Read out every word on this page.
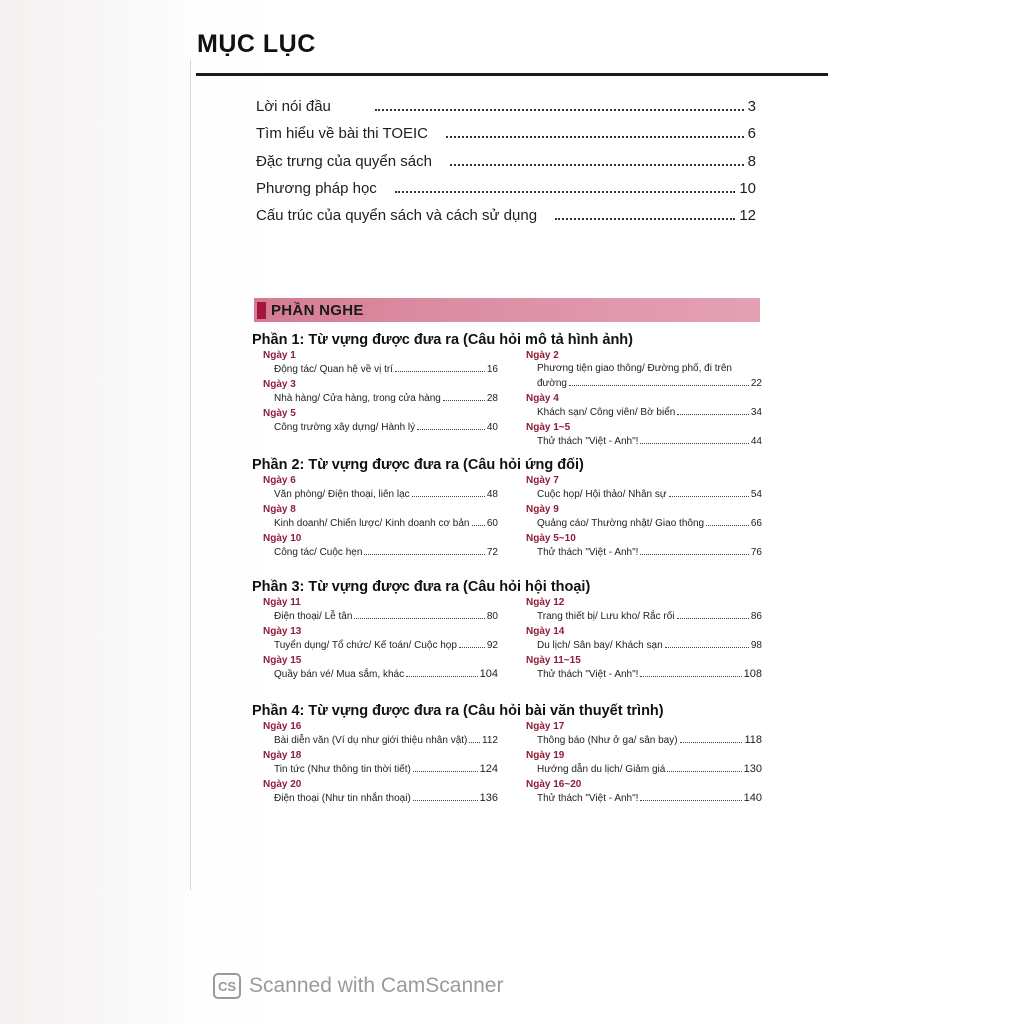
MỤC LỤC
Lời nói đầu	3
Tìm hiểu về bài thi TOEIC	6
Đặc trưng của quyển sách	8
Phương pháp học	10
Cấu trúc của quyển sách và cách sử dụng	12
PHẦN NGHE
Phần 1: Từ vựng được đưa ra (Câu hỏi mô tả hình ảnh)
Ngày 1
Động tác/ Quan hệ về vị trí	16
Ngày 3
Nhà hàng/ Cửa hàng, trong cửa hàng	28
Ngày 5
Công trường xây dựng/ Hành lý	40
Ngày 2
Phương tiện giao thông/ Đường phố, đi trên
đường	22
Ngày 4
Khách sạn/ Công viên/ Bờ biển	34
Ngày 1~5
Thử thách "Việt - Anh"!	44
Phần 2: Từ vựng được đưa ra (Câu hỏi ứng đối)
Ngày 6
Văn phòng/ Điện thoại, liên lạc	48
Ngày 8
Kinh doanh/ Chiến lược/ Kinh doanh cơ bản 60
Ngày 10
Công tác/ Cuộc hẹn	72
Ngày 7
Cuộc họp/ Hội thảo/ Nhân sự	54
Ngày 9
Quảng cáo/ Thường nhật/ Giao thông	66
Ngày 5~10
Thử thách "Việt - Anh"!	76
Phần 3: Từ vựng được đưa ra (Câu hỏi hội thoại)
Ngày 11
Điện thoại/ Lễ tân	80
Ngày 13
Tuyển dụng/ Tổ chức/ Kế toán/ Cuộc họp	92
Ngày 15
Quầy bán vé/ Mua sắm, khác	104
Ngày 12
Trang thiết bị/ Lưu kho/ Rắc rối	86
Ngày 14
Du lịch/ Sân bay/ Khách sạn	98
Ngày 11~15
Thử thách "Việt - Anh"!	108
Phần 4: Từ vựng được đưa ra (Câu hỏi bài văn thuyết trình)
Ngày 16
Bài diễn văn (Ví dụ như giới thiệu nhân vật) 112
Ngày 18
Tin tức (Như thông tin thời tiết)	124
Ngày 20
Điện thoại (Như tin nhắn thoại)	136
Ngày 17
Thông báo (Như ở ga/ sân bay)	118
Ngày 19
Hướng dẫn du lịch/ Giảm giá	130
Ngày 16~20
Thử thách "Việt - Anh"!	140
CS Scanned with CamScanner
